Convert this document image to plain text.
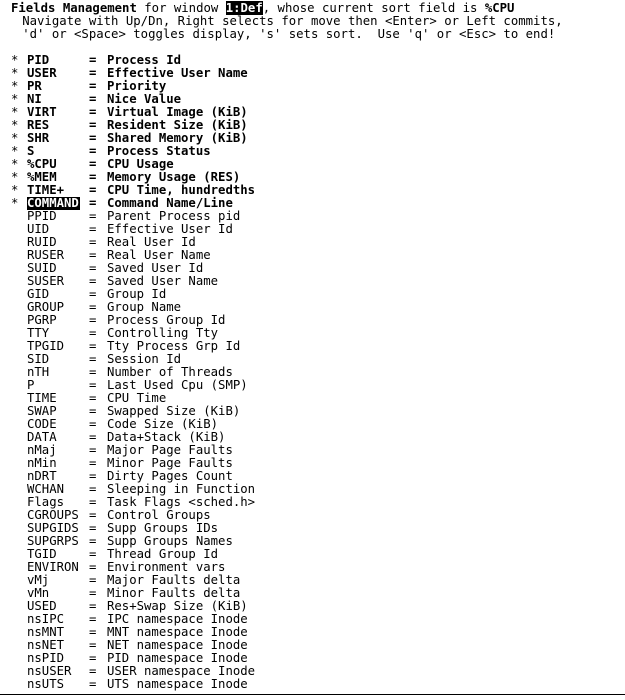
Fields Management for window 1:Def, whose current sort field is %CPU
Navigate with Up/Dn, Right selects for move then <Enter> or Left commits,
'd' or <Space> toggles display, 's' sets sort.  Use 'q' or <Esc> to end!
* PID	= Process Id
* USER	= Effective User Name
* PR	= Priority
* NI	= Nice Value
* VIRT	= Virtual Image (KiB)
* RES	= Resident Size (KiB)
* SHR	= Shared Memory (KiB)
* S	= Process Status
* %CPU	= CPU Usage
* %MEM	= Memory Usage (RES)
* TIME+	= CPU Time, hundredths
* COMMAND = Command Name/Line
PPID	= Parent Process pid
UID	= Effective User Id
RUID	= Real User Id
RUSER	= Real User Name
SUID	= Saved User Id
SUSER	= Saved User Name
GID	= Group Id
GROUP	= Group Name
PGRP	= Process Group Id
TTY	= Controlling Tty
TPGID	= Tty Process Grp Id
SID	= Session Id
nTH	= Number of Threads
P	= Last Used Cpu (SMP)
TIME	= CPU Time
SWAP	= Swapped Size (KiB)
CODE	= Code Size (KiB)
DATA	= Data+Stack (KiB)
nMaj	= Major Page Faults
nMin	= Minor Page Faults
nDRT	= Dirty Pages Count
WCHAN	= Sleeping in Function
Flags	= Task Flags <sched.h>
CGROUPS = Control Groups
SUPGIDS = Supp Groups IDs
SUPGRPS = Supp Groups Names
TGID	= Thread Group Id
ENVIRON = Environment vars
vMj	= Major Faults delta
vMn	= Minor Faults delta
USED	= Res+Swap Size (KiB)
nsIPC	= IPC namespace Inode
nsMNT	= MNT namespace Inode
nsNET	= NET namespace Inode
nsPID	= PID namespace Inode
nsUSER	= USER namespace Inode
nsUTS	= UTS namespace Inode
